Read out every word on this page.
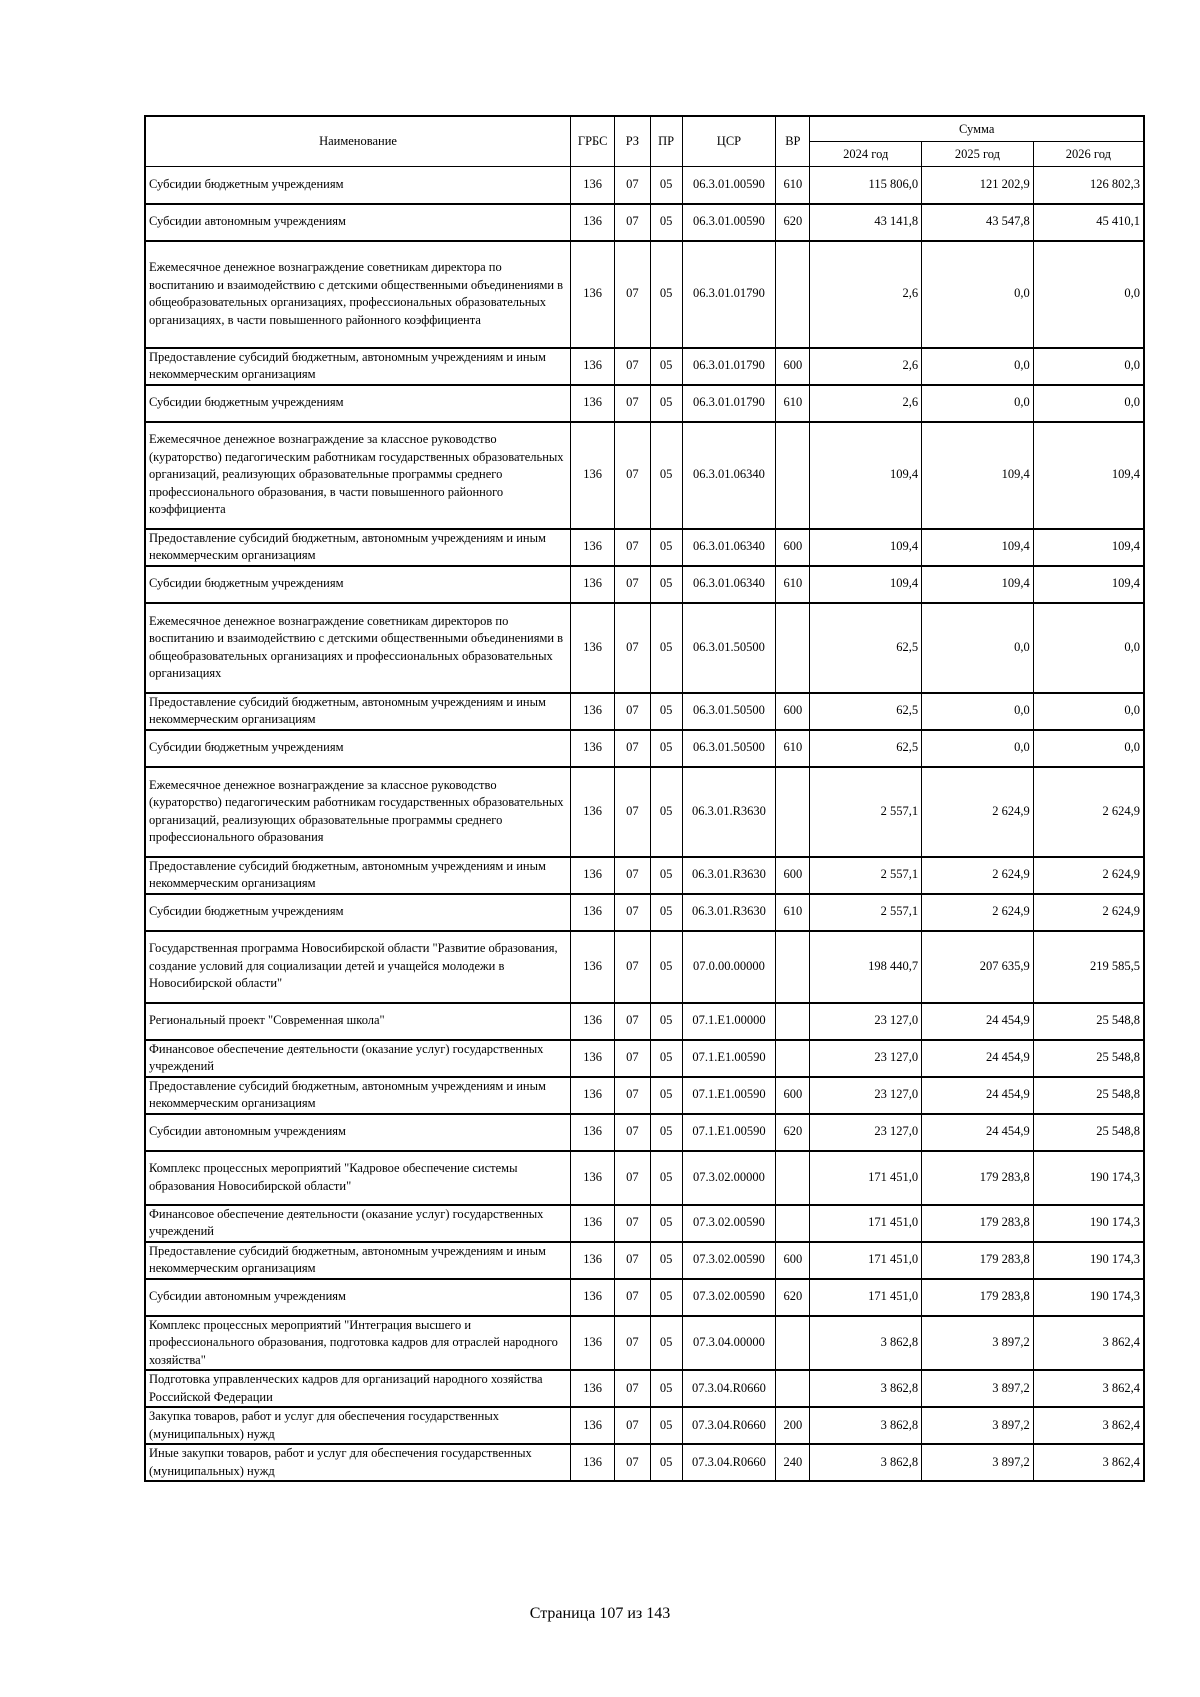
Наименование	ГРБС	РЗ	ПР	ЦСР	ВР	Сумма		
						2024 год	2025 год	2026 год
Субсидии бюджетным учреждениям	136	07	05	06.3.01.00590	610	115 806,0	121 202,9	126 802,3
Субсидии автономным учреждениям	136	07	05	06.3.01.00590	620	43 141,8	43 547,8	45 410,1
Ежемесячное денежное вознаграждение советникам директора по воспитанию и взаимодействию с детскими общественными объединениями в общеобразовательных организациях, профессиональных образовательных организациях, в части повышенного районного коэффициента	136	07	05	06.3.01.01790		2,6	0,0	0,0
Предоставление субсидий бюджетным, автономным учреждениям и иным некоммерческим организациям	136	07	05	06.3.01.01790	600	2,6	0,0	0,0
Субсидии бюджетным учреждениям	136	07	05	06.3.01.01790	610	2,6	0,0	0,0
Ежемесячное денежное вознаграждение за классное руководство (кураторство) педагогическим работникам государственных образовательных организаций, реализующих образовательные программы среднего профессионального образования, в части повышенного районного коэффициента	136	07	05	06.3.01.06340		109,4	109,4	109,4
Предоставление субсидий бюджетным, автономным учреждениям и иным некоммерческим организациям	136	07	05	06.3.01.06340	600	109,4	109,4	109,4
Субсидии бюджетным учреждениям	136	07	05	06.3.01.06340	610	109,4	109,4	109,4
Ежемесячное денежное вознаграждение советникам директоров по воспитанию и взаимодействию с детскими общественными объединениями в общеобразовательных организациях и профессиональных образовательных организациях	136	07	05	06.3.01.50500		62,5	0,0	0,0
Предоставление субсидий бюджетным, автономным учреждениям и иным некоммерческим организациям	136	07	05	06.3.01.50500	600	62,5	0,0	0,0
Субсидии бюджетным учреждениям	136	07	05	06.3.01.50500	610	62,5	0,0	0,0
Ежемесячное денежное вознаграждение за классное руководство (кураторство) педагогическим работникам государственных образовательных организаций, реализующих образовательные программы среднего профессионального образования	136	07	05	06.3.01.R3630		2 557,1	2 624,9	2 624,9
Предоставление субсидий бюджетным, автономным учреждениям и иным некоммерческим организациям	136	07	05	06.3.01.R3630	600	2 557,1	2 624,9	2 624,9
Субсидии бюджетным учреждениям	136	07	05	06.3.01.R3630	610	2 557,1	2 624,9	2 624,9
Государственная программа Новосибирской области "Развитие образования, создание условий для социализации детей и учащейся молодежи в Новосибирской области"	136	07	05	07.0.00.00000		198 440,7	207 635,9	219 585,5
Региональный проект "Современная школа"	136	07	05	07.1.E1.00000		23 127,0	24 454,9	25 548,8
Финансовое обеспечение деятельности (оказание услуг) государственных учреждений	136	07	05	07.1.E1.00590		23 127,0	24 454,9	25 548,8
Предоставление субсидий бюджетным, автономным учреждениям и иным некоммерческим организациям	136	07	05	07.1.E1.00590	600	23 127,0	24 454,9	25 548,8
Субсидии автономным учреждениям	136	07	05	07.1.E1.00590	620	23 127,0	24 454,9	25 548,8
Комплекс процессных мероприятий "Кадровое обеспечение системы образования Новосибирской области"	136	07	05	07.3.02.00000		171 451,0	179 283,8	190 174,3
Финансовое обеспечение деятельности (оказание услуг) государственных учреждений	136	07	05	07.3.02.00590		171 451,0	179 283,8	190 174,3
Предоставление субсидий бюджетным, автономным учреждениям и иным некоммерческим организациям	136	07	05	07.3.02.00590	600	171 451,0	179 283,8	190 174,3
Субсидии автономным учреждениям	136	07	05	07.3.02.00590	620	171 451,0	179 283,8	190 174,3
Комплекс процессных мероприятий "Интеграция высшего и профессионального образования, подготовка кадров для отраслей народного хозяйства"	136	07	05	07.3.04.00000		3 862,8	3 897,2	3 862,4
Подготовка управленческих кадров для организаций народного хозяйства Российской Федерации	136	07	05	07.3.04.R0660		3 862,8	3 897,2	3 862,4
Закупка товаров, работ и услуг для обеспечения государственных (муниципальных) нужд	136	07	05	07.3.04.R0660	200	3 862,8	3 897,2	3 862,4
Иные закупки товаров, работ и услуг для обеспечения государственных (муниципальных) нужд	136	07	05	07.3.04.R0660	240	3 862,8	3 897,2	3 862,4
Страница 107 из 143
